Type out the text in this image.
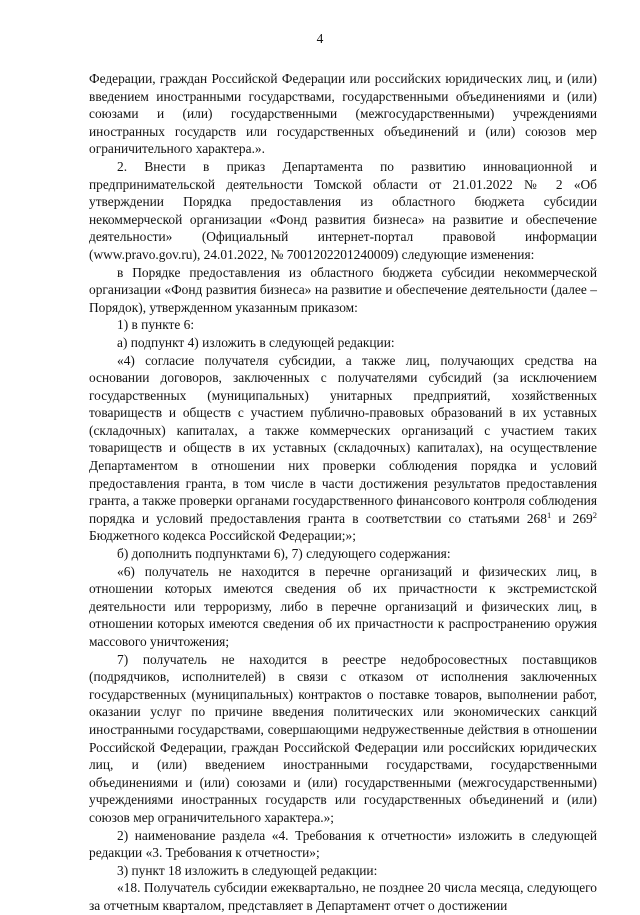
4

Федерации, граждан Российской Федерации или российских юридических лиц, и (или) введением иностранными государствами, государственными объединениями и (или) союзами и (или) государственными (межгосударственными) учреждениями иностранных государств или государственных объединений и (или) союзов мер ограничительного характера.».

2. Внести в приказ Департамента по развитию инновационной и предпринимательской деятельности Томской области от 21.01.2022 № 2 «Об утверждении Порядка предоставления из областного бюджета субсидии некоммерческой организации «Фонд развития бизнеса» на развитие и обеспечение деятельности» (Официальный интернет-портал правовой информации (www.pravo.gov.ru), 24.01.2022, № 7001202201240009) следующие изменения:

в Порядке предоставления из областного бюджета субсидии некоммерческой организации «Фонд развития бизнеса» на развитие и обеспечение деятельности (далее – Порядок), утвержденном указанным приказом:

1) в пункте 6:

а) подпункт 4) изложить в следующей редакции:

«4) согласие получателя субсидии, а также лиц, получающих средства на основании договоров, заключенных с получателями субсидий (за исключением государственных (муниципальных) унитарных предприятий, хозяйственных товариществ и обществ с участием публично-правовых образований в их уставных (складочных) капиталах, а также коммерческих организаций с участием таких товариществ и обществ в их уставных (складочных) капиталах), на осуществление Департаментом в отношении них проверки соблюдения порядка и условий предоставления гранта, в том числе в части достижения результатов предоставления гранта, а также проверки органами государственного финансового контроля соблюдения порядка и условий предоставления гранта в соответствии со статьями $268^1$ и $269^2$ Бюджетного кодекса Российской Федерации;»;

б) дополнить подпунктами 6), 7) следующего содержания:

«6) получатель не находится в перечне организаций и физических лиц, в отношении которых имеются сведения об их причастности к экстремистской деятельности или терроризму, либо в перечне организаций и физических лиц, в отношении которых имеются сведения об их причастности к распространению оружия массового уничтожения;

7) получатель не находится в реестре недобросовестных поставщиков (подрядчиков, исполнителей) в связи с отказом от исполнения заключенных государственных (муниципальных) контрактов о поставке товаров, выполнении работ, оказании услуг по причине введения политических или экономических санкций иностранными государствами, совершающими недружественные действия в отношении Российской Федерации, граждан Российской Федерации или российских юридических лиц, и (или) введением иностранными государствами, государственными объединениями и (или) союзами и (или) государственными (межгосударственными) учреждениями иностранных государств или государственных объединений и (или) союзов мер ограничительного характера.»;

2) наименование раздела «4. Требования к отчетности» изложить в следующей редакции «3. Требования к отчетности»;

3) пункт 18 изложить в следующей редакции:

«18. Получатель субсидии ежеквартально, не позднее 20 числа месяца, следующего за отчетным кварталом, представляет в Департамент отчет о достижении
